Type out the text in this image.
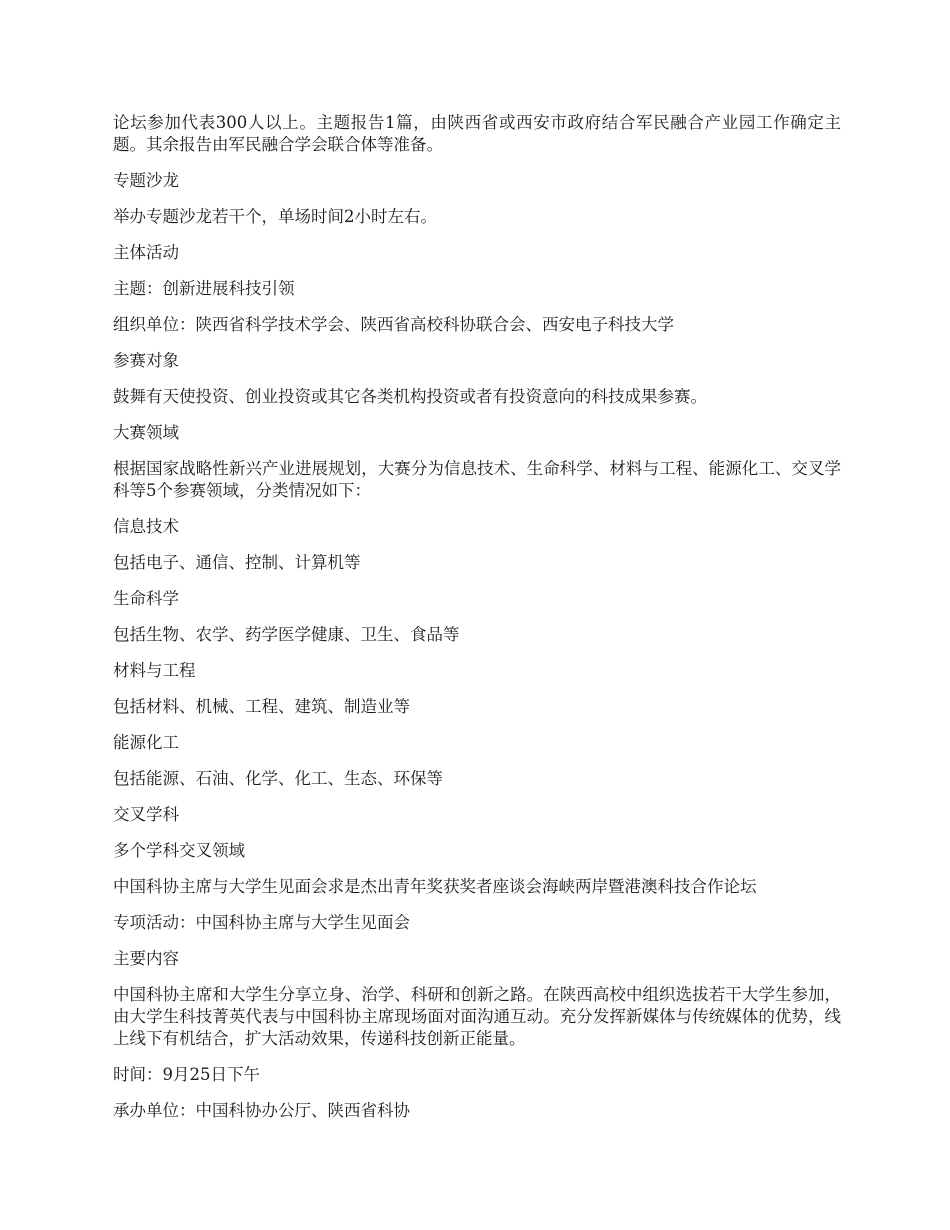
论坛参加代表300人以上。主题报告1篇，由陕西省或西安市政府结合军民融合产业园工作确定主题。其余报告由军民融合学会联合体等准备。

专题沙龙

举办专题沙龙若干个，单场时间2小时左右。

主体活动

主题：创新进展科技引领

组织单位：陕西省科学技术学会、陕西省高校科协联合会、西安电子科技大学

参赛对象

鼓舞有天使投资、创业投资或其它各类机构投资或者有投资意向的科技成果参赛。

大赛领域

根据国家战略性新兴产业进展规划，大赛分为信息技术、生命科学、材料与工程、能源化工、交叉学科等5个参赛领域，分类情况如下：

信息技术

包括电子、通信、控制、计算机等

生命科学

包括生物、农学、药学医学健康、卫生、食品等

材料与工程

包括材料、机械、工程、建筑、制造业等

能源化工

包括能源、石油、化学、化工、生态、环保等

交叉学科

多个学科交叉领域

中国科协主席与大学生见面会求是杰出青年奖获奖者座谈会海峡两岸暨港澳科技合作论坛

专项活动：中国科协主席与大学生见面会

主要内容

中国科协主席和大学生分享立身、治学、科研和创新之路。在陕西高校中组织选拔若干大学生参加，由大学生科技菁英代表与中国科协主席现场面对面沟通互动。充分发挥新媒体与传统媒体的优势，线上线下有机结合，扩大活动效果，传递科技创新正能量。

时间：9月25日下午

承办单位：中国科协办公厅、陕西省科协
